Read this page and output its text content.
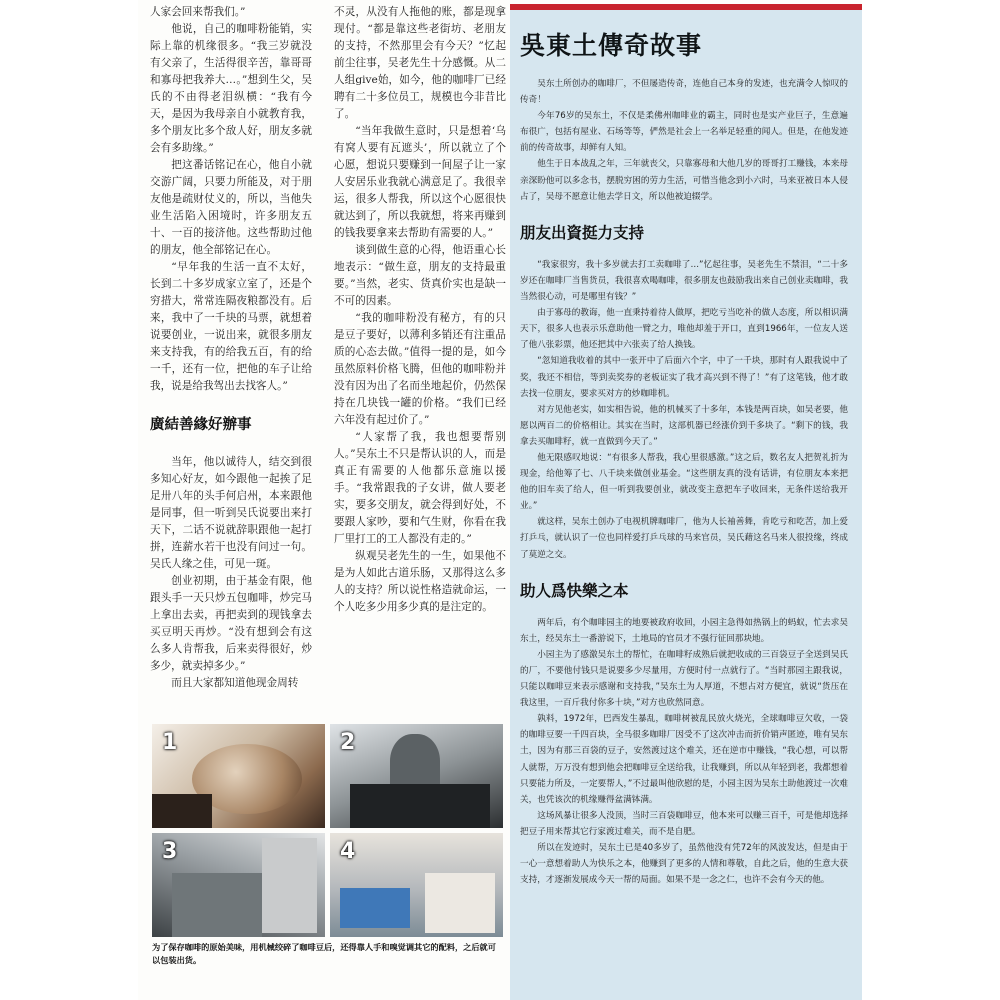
人家会回来帮我们。”

他说，自己的咖啡粉能销，实际上靠的机缘很多。“我三岁就没有父亲了，生活得很辛苦，靠哥哥和寡母把我养大…。”想到生父，吴氏的不由得老泪纵横：“我有今天，是因为我母亲自小就教育我，多个朋友比多个敌人好，朋友多就会有多助缘。”

把这番话铭记在心，他自小就交游广阔，只要力所能及，对于朋友他是疏财仗义的，所以，当他失业生活陷入困境时，许多朋友五十、一百的接济他。这些帮助过他的朋友，他全部铭记在心。

“早年我的生活一直不太好，长到二十多岁成家立室了，还是个穷措大，常常连隔夜粮都没有。后来，我中了一千块的马票，就想着说要创业，一说出来，就很多朋友来支持我，有的给我五百，有的给一千，还有一位，把他的车子让给我，说是给我驾出去找客人。”

廣結善緣好辦事

当年，他以诚待人，结交到很多知心好友，如今跟他一起挨了足足卅八年的头手何启州，本来跟他是同事，但一听到吴氏说要出来打天下，二话不说就辞职跟他一起打拼，连薪水若干也没有问过一句。吴氏人缘之佳，可见一斑。

创业初期，由于基金有限，他跟头手一天只炒五包咖啡，炒完马上拿出去卖，再把卖到的现钱拿去买豆明天再炒。“没有想到会有这么多人肯帮我，后来卖得很好，炒多少，就卖掉多少。”

而且大家都知道他现金周转

不灵，从没有人拖他的账，都是现拿现付。“都是靠这些老街坊、老朋友的支持，不然那里会有今天？”忆起前尘往事，吴老先生十分感慨。从二人组give始，如今，他的咖啡厂已经聘有二十多位员工，规模也今非昔比了。

“当年我做生意时，只是想着‘乌有窝人要有瓦遮头’，所以就立了个心愿，想说只要赚到一间屋子让一家人安居乐业我就心满意足了。我很幸运，很多人帮我，所以这个心愿很快就达到了，所以我就想，将来再赚到的钱我要拿来去帮助有需要的人。”

谈到做生意的心得，他语重心长地表示：“做生意，朋友的支持最重要。”当然，老实、货真价实也是缺一不可的因素。

“我的咖啡粉没有秘方，有的只是豆子要好，以薄利多销还有注重品质的心态去做。”值得一提的是，如今虽然原料价格飞腾，但他的咖啡粉并没有因为出了名而坐地起价，仍然保持在几块钱一罐的价格。“我们已经六年没有起过价了。”

“人家帮了我，我也想要帮别人。”吴东土不只是帮认识的人，而是真正有需要的人他都乐意施以援手。“我常跟我的子女讲，做人要老实，要多交朋友，就会得到好处，不要跟人家吵，要和气生财，你看在我厂里打工的工人都没有走的。”

纵观吴老先生的一生，如果他不是为人如此古道乐肠，又那得这么多人的支持？所以说性格造就命运，一个人吃多少用多少真的是注定的。

吳東土傳奇故事

吴东土所创办的咖啡厂，不但屡造传奇，连他自己本身的发迹，也充满令人惊叹的传奇！

今年76岁的吴东土，不仅是柔佛州咖啡业的霸主，同时也是实产业巨子，生意遍布很广，包括有屋业、石场等等，俨然是社会上一名举足轻重的闻人。但是，在他发迹前的传奇故事，却鲜有人知。

他生于日本战乱之年，三年就丧父，只靠寡母和大他几岁的哥哥打工赚钱，本来母亲深盼他可以多念书，摆脱穷困的劳力生活，可惜当他念到小六时，马来亚被日本人侵占了，吴母不愿意让他去学日文，所以他被迫辍学。

朋友出資挺力支持

“我家很穷，我十多岁就去打工卖咖啡了…”忆起往事，吴老先生不禁泪，“二十多岁还在咖啡厂当售货员，我很喜欢喝咖啡，很多朋友也鼓励我出来自己创业卖咖啡，我当然很心动，可是哪里有钱？”

由于寡母的教诲，他一直秉持着待人做厚，把吃亏当吃补的做人态度，所以相识满天下，很多人也表示乐意助他一臂之力，唯他却羞于开口，直到1966年，一位友人送了他八张彩票，他还把其中六张卖了给人换钱。

“忽知道我收着的其中一张开中了后面六个字，中了一千块，那时有人跟我说中了奖，我还不相信，等到卖奖券的老板证实了我才高兴到不得了！”有了这笔钱，他才敢去找一位朋友，要求买对方的炒咖啡机。

对方见他老实，如实相告说，他的机械买了十多年，本钱是两百块，如吴老要，他愿以两百二的价格相让。其实在当时，这部机器已经涨价到千多块了。“剩下的钱，我拿去买咖啡籽，就一直做到今天了。”

他无限感叹地说：“有很多人帮我，我心里很感激。”这之后，数名友人把贺礼折为现金，给他筹了七、八千块来做创业基金。“这些朋友真的没有话讲，有位朋友本来把他的旧车卖了给人，但一听到我要创业，就改变主意把车子收回来，无条件送给我开业。”

就这样，吴东土创办了电视机牌咖啡厂，他为人长袖善舞，肯吃亏和吃苦，加上爱打乒乓，就认识了一位也同样爱打乒乓球的马来官员，吴氏藉这名马来人很投缘，终成了莫逆之交。

助人爲快樂之本

两年后，有个咖啡园主的地要被政府收回，小园主急得如热锅上的蚂蚁，忙去求吴东土，经吴东土一番游说下，土地局的官员才不强行征回那块地。

小园主为了感激吴东土的帮忙，在咖啡籽成熟后就把收成的三百袋豆子全送到吴氏的厂，不要他付钱只是说要多少尽量用，方便时付一点就行了。“当时那园主跟我说，只能以咖啡豆来表示感谢和支持我，”吴东土为人厚道，不想占对方便宜，就说“货压在我这里，一百斤我付你多十块，”对方也欣然同意。

孰料，1972年，巴西发生暴乱，咖啡树被乱民放火烧光，全球咖啡豆欠收，一袋的咖啡豆要一千四百块，全马很多咖啡厂因受不了这次冲击而折价销声匿迹，唯有吴东土，因为有那三百袋的豆子，安然渡过这个难关，还在逆市中赚钱，“我心想，可以帮人就帮，万万没有想到他会把咖啡豆全送给我，让我赚到，所以从年轻到老，我都想着只要能力所及，一定要帮人，”不过最叫他欣慰的是，小园主因为吴东土助他渡过一次难关，也凭该次的机缘赚得盆满钵满。

这场风暴让很多人没顶，当时三百袋咖啡豆，他本来可以赚三百千，可是他却选择把豆子用来帮其它行家渡过难关，而不是自肥。

所以在发迹时，吴东土已是40多岁了，虽然他没有凭72年的风波发达，但是由于一心一意想着助人为快乐之本，他赚到了更多的人情和尊敬，自此之后，他的生意大获支持，才逐渐发展成今天一帮的局面。如果不是一念之仁，也许不会有今天的他。

1	2
3	4
为了保存咖啡的原始美味，用机械绞碎了咖啡豆后，还得靠人手和嗅觉调其它的配料，之后就可以包装出货。
